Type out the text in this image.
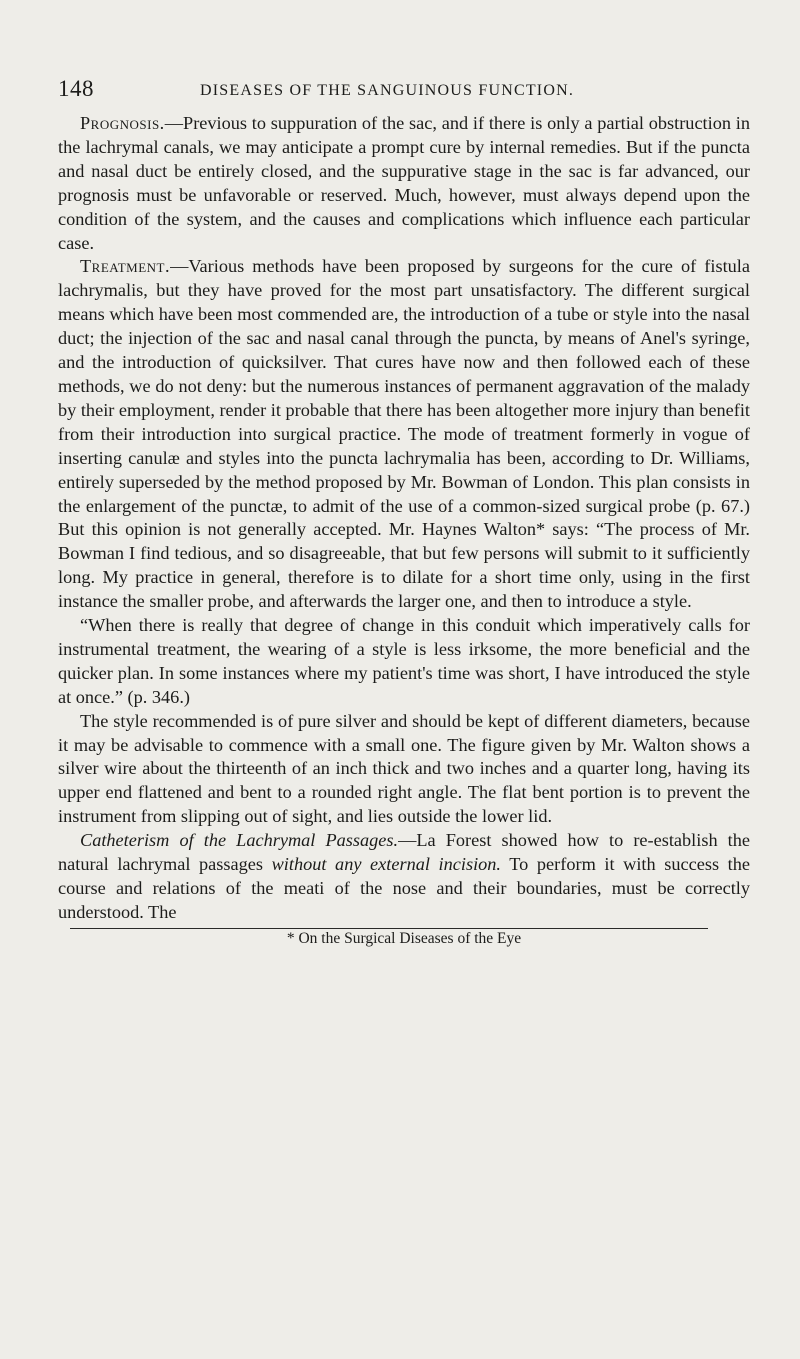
148	DISEASES OF THE SANGUINOUS FUNCTION.

Prognosis.—Previous to suppuration of the sac, and if there is only a partial obstruction in the lachrymal canals, we may anticipate a prompt cure by internal remedies. But if the puncta and nasal duct be entirely closed, and the suppurative stage in the sac is far advanced, our prognosis must be unfavorable or reserved. Much, however, must always depend upon the condition of the system, and the causes and complications which influence each particular case.

Treatment.—Various methods have been proposed by surgeons for the cure of fistula lachrymalis, but they have proved for the most part unsatisfactory. The different surgical means which have been most commended are, the introduction of a tube or style into the nasal duct; the injection of the sac and nasal canal through the puncta, by means of Anel's syringe, and the introduction of quicksilver. That cures have now and then followed each of these methods, we do not deny: but the numerous instances of permanent aggravation of the malady by their employment, render it probable that there has been altogether more injury than benefit from their introduction into surgical practice. The mode of treatment formerly in vogue of inserting canulæ and styles into the puncta lachrymalia has been, according to Dr. Williams, entirely superseded by the method proposed by Mr. Bowman of London. This plan consists in the enlargement of the punctæ, to admit of the use of a common-sized surgical probe (p. 67.) But this opinion is not generally accepted. Mr. Haynes Walton* says: “The process of Mr. Bowman I find tedious, and so disagreeable, that but few persons will submit to it sufficiently long. My practice in general, therefore is to dilate for a short time only, using in the first instance the smaller probe, and afterwards the larger one, and then to introduce a style.

“When there is really that degree of change in this conduit which imperatively calls for instrumental treatment, the wearing of a style is less irksome, the more beneficial and the quicker plan. In some instances where my patient's time was short, I have introduced the style at once.” (p. 346.)

The style recommended is of pure silver and should be kept of different diameters, because it may be advisable to commence with a small one. The figure given by Mr. Walton shows a silver wire about the thirteenth of an inch thick and two inches and a quarter long, having its upper end flattened and bent to a rounded right angle. The flat bent portion is to prevent the instrument from slipping out of sight, and lies outside the lower lid.

Catheterism of the Lachrymal Passages.—La Forest showed how to re-establish the natural lachrymal passages without any external incision. To perform it with success the course and relations of the meati of the nose and their boundaries, must be correctly understood. The

* On the Surgical Diseases of the Eye
